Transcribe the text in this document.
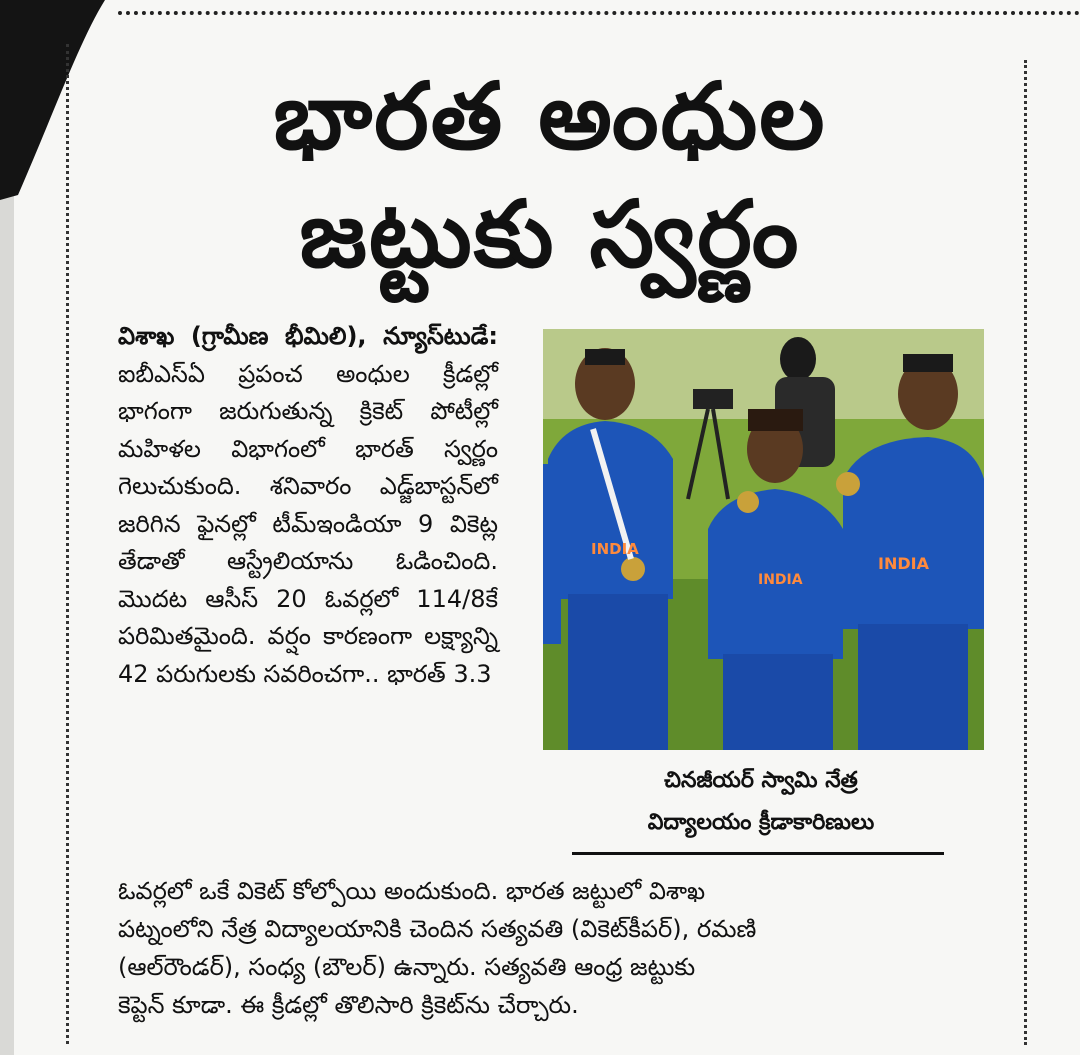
భారత అంధుల
జట్టుకు స్వర్ణం
విశాఖ (గ్రామీణ భీమిలి), న్యూస్‌టుడే: ఐబీఎస్‌ఏ ప్రపంచ అంధుల క్రీడల్లో భాగంగా జరుగుతున్న క్రికెట్ పోటీల్లో మహిళల విభాగంలో భారత్ స్వర్ణం గెలుచుకుంది. శనివారం ఎడ్జ్‌బాస్టన్‌లో జరిగిన ఫైనల్లో టీమ్‌ఇండియా 9 వికెట్ల తేడాతో ఆస్ట్రేలియాను ఓడించింది. మొదట ఆసీస్ 20 ఓవర్లలో 114/8కే పరిమితమైంది. వర్షం కారణంగా లక్ష్యాన్ని 42 పరుగులకు సవరించగా.. భారత్ 3.3
INDIA
INDIA
INDIA
చినజీయర్ స్వామి నేత్ర
విద్యాలయం క్రీడాకారిణులు
ఓవర్లలో ఒకే వికెట్ కోల్పోయి అందుకుంది. భారత జట్టులో విశాఖ
పట్నంలోని నేత్ర విద్యాలయానికి చెందిన సత్యవతి (వికెట్‌కీపర్), రమణి
(ఆల్‌రౌండర్), సంధ్య (బౌలర్) ఉన్నారు. సత్యవతి ఆంధ్ర జట్టుకు
కెప్టెన్ కూడా. ఈ క్రీడల్లో తొలిసారి క్రికెట్‌ను చేర్చారు.
